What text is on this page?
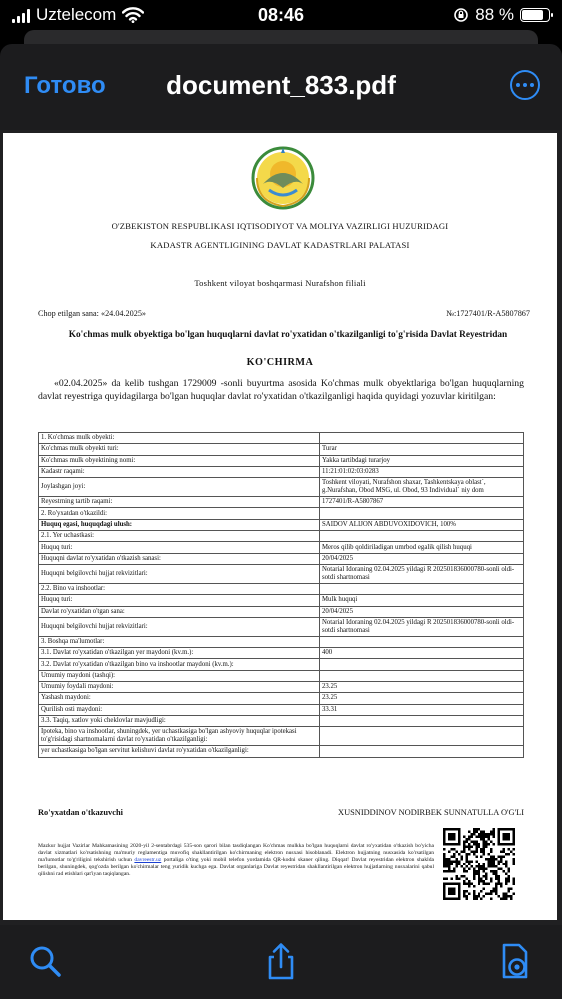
Uztelecom	08:46	88 %
Готово	document_833.pdf
O'ZBEKISTON RESPUBLIKASI IQTISODIYOT VA MOLIYA VAZIRLIGI HUZURIDAGI
KADASTR AGENTLIGINING DAVLAT KADASTRLARI PALATASI
Toshkent viloyat boshqarmasi Nurafshon filiali
Chop etilgan sana: «24.04.2025»	№:1727401/R-A5807867
Ko'chmas mulk obyektiga bo'lgan huquqlarni davlat ro'yxatidan o'tkazilganligi to'g'risida Davlat Reyestridan
KO'CHIRMA
«02.04.2025» da kelib tushgan 1729009 -sonli buyurtma asosida Ko'chmas mulk obyektlariga bo'lgan huquqlarning davlat reyestriga quyidagilarga bo'lgan huquqlar davlat ro'yxatidan o'tkazilganligi haqida quyidagi yozuvlar kiritilgan:
1. Ko'chmas mulk obyekti:	
Ko'chmas mulk obyekti turi:	Turar
Ko'chmas mulk obyektining nomi:	Yakka tartibdagi turarjoy
Kadastr raqami:	11:21:01:02:03:0283
Joylashgan joyi:	Toshkent viloyati, Nurafshon shaxar, Tashkentskaya oblast`, g.Nurafshan, Obod MSG, ul. Obod, 93 Individual` niy dom
Reyestrning tartib raqami:	1727401/R-A5807867
2. Ro'yxatdan o'tkazildi:	
Huquq egasi, huquqdagi ulush:	SAIDOV ALIJON ABDUVOXIDOVICH, 100%
2.1. Yer uchastkasi:	
Huquq turi:	Meros qilib qoldiriladigan umrbod egalik qilish huquqi
Huquqni davlat ro'yxatidan o'tkazish sanasi:	20/04/2025
Huquqni belgilovchi hujjat rekvizitlari:	Notarial Idoraning 02.04.2025 yildagi R 202501836000780-sonli oldi-sotdi shartnomasi
2.2. Bino va inshootlar:	
Huquq turi:	Mulk huquqi
Davlat ro'yxatidan o'tgan sana:	20/04/2025
Huquqni belgilovchi hujjat rekvizitlari:	Notarial Idoraning 02.04.2025 yildagi R 202501836000780-sonli oldi-sotdi shartnomasi
3. Boshqa ma'lumotlar:	
3.1. Davlat ro'yxatidan o'tkazilgan yer maydoni (kv.m.):	400
3.2. Davlat ro'yxatidan o'tkazilgan bino va inshootlar maydoni (kv.m.):	
Umumiy maydoni (tashqi):	
Umumiy foydali maydoni:	23.25
Yashash maydoni:	23.25
Qurilish osti maydoni:	33.31
3.3. Taqiq, xatlov yoki cheklovlar mavjudligi:	
Ipoteka, bino va inshootlar, shuningdek, yer uchastkasiga bo'lgan ashyoviy huquqlar ipotekasi to'g'risidagi shartnomalarni davlat ro'yxatidan o'tkazilganligi:	
yer uchastkasiga bo'lgan servitut kelishuvi davlat ro'yxatidan o'tkazilganligi:	
Ro'yxatdan o'tkazuvchi	XUSNIDDINOV NODIRBEK SUNNATULLA O'G'LI
Mazkur hujjat Vazirlar Mahkamasining 2020-yil 2-sentabrdagi 535-son qarori bilan tasdiqlangan Ko'chmas mulkka bo'lgan huquqlarni davlat ro'yxatidan o'tkazish bo'yicha davlat xizmatlari ko'rsatishning ma'muriy reglamentiga muvofiq shakllantirilgan ko'chirmaning elektron nusxasi hisoblanadi. Elektron hujjatning nusxasida ko'rsatilgan ma'lumotlar to'g'riligini tekshirish uchun davreestr.uz portaliga o'ting yoki mobil telefon yordamida QR-kodni skaner qiling. Diqqat! Davlat reyestridan elektron shaklda berilgan, shuningdek, qog'ozda berilgan ko'chirmalar teng yuridik kuchga ega. Davlat organlariga Davlat reyestridan shakllantirilgan elektron hujjatlarning nusxalarini qabul qilishni rad etishlari qat'iyan taqiqlangan.
